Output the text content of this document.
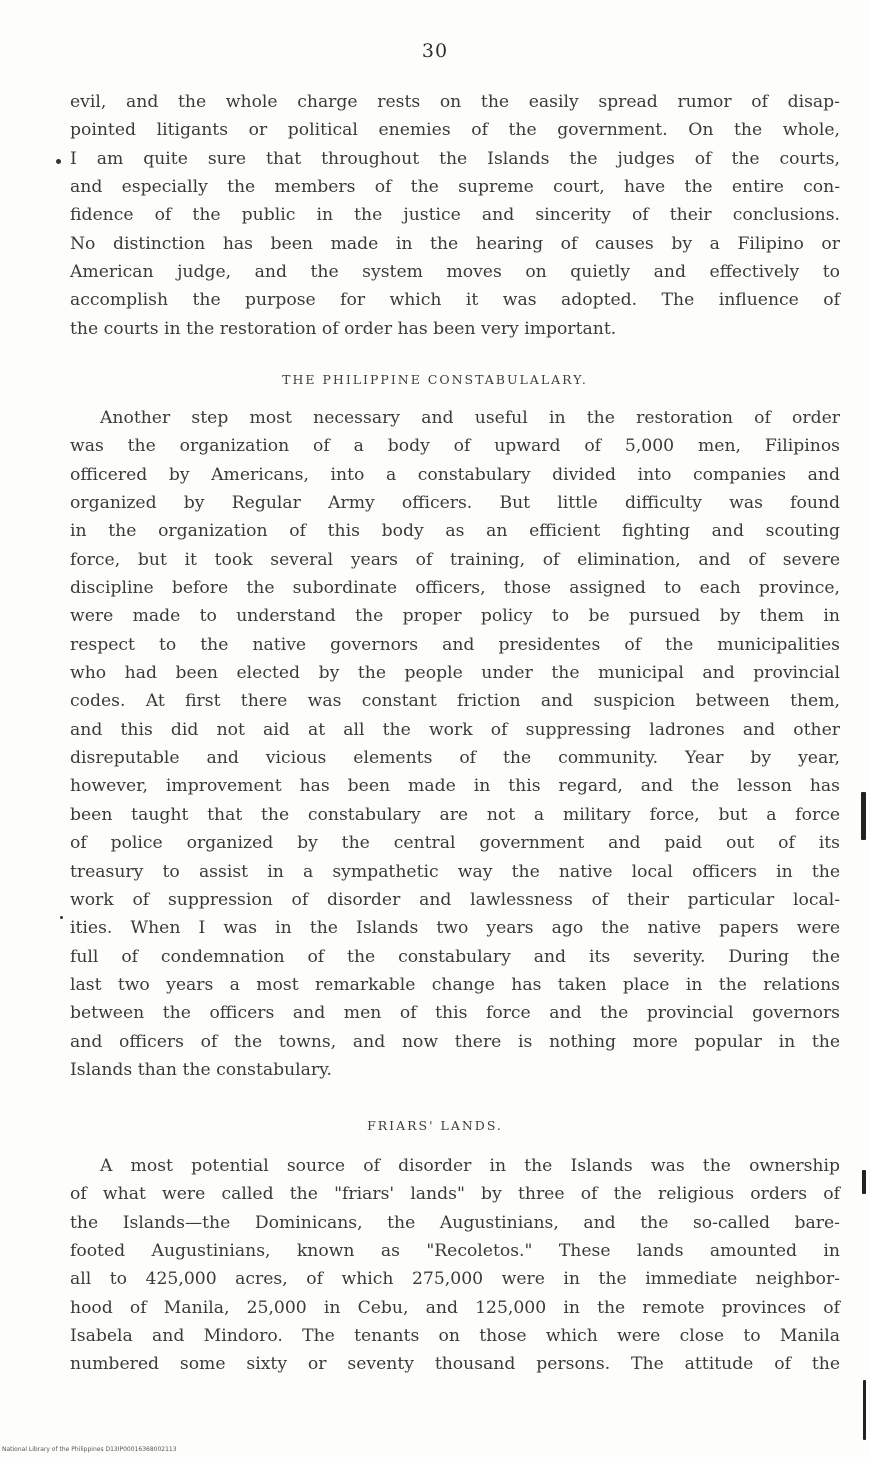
30
evil, and the whole charge rests on the easily spread rumor of disap-
pointed litigants or political enemies of the government. On the whole,
I am quite sure that throughout the Islands the judges of the courts,
and especially the members of the supreme court, have the entire con-
fidence of the public in the justice and sincerity of their conclusions.
No distinction has been made in the hearing of causes by a Filipino or
American judge, and the system moves on quietly and effectively to
accomplish the purpose for which it was adopted. The influence of
the courts in the restoration of order has been very important.
THE PHILIPPINE CONSTABULALARY.
Another step most necessary and useful in the restoration of order
was the organization of a body of upward of 5,000 men, Filipinos
officered by Americans, into a constabulary divided into companies and
organized by Regular Army officers. But little difficulty was found
in the organization of this body as an efficient fighting and scouting
force, but it took several years of training, of elimination, and of severe
discipline before the subordinate officers, those assigned to each province,
were made to understand the proper policy to be pursued by them in
respect to the native governors and presidentes of the municipalities
who had been elected by the people under the municipal and provincial
codes. At first there was constant friction and suspicion between them,
and this did not aid at all the work of suppressing ladrones and other
disreputable and vicious elements of the community. Year by year,
however, improvement has been made in this regard, and the lesson has
been taught that the constabulary are not a military force, but a force
of police organized by the central government and paid out of its
treasury to assist in a sympathetic way the native local officers in the
work of suppression of disorder and lawlessness of their particular local-
ities. When I was in the Islands two years ago the native papers were
full of condemnation of the constabulary and its severity. During the
last two years a most remarkable change has taken place in the relations
between the officers and men of this force and the provincial governors
and officers of the towns, and now there is nothing more popular in the
Islands than the constabulary.
FRIARS' LANDS.
A most potential source of disorder in the Islands was the ownership
of what were called the "friars' lands" by three of the religious orders of
the Islands—the Dominicans, the Augustinians, and the so-called bare-
footed Augustinians, known as "Recoletos." These lands amounted in
all to 425,000 acres, of which 275,000 were in the immediate neighbor-
hood of Manila, 25,000 in Cebu, and 125,000 in the remote provinces of
Isabela and Mindoro. The tenants on those which were close to Manila
numbered some sixty or seventy thousand persons. The attitude of the
National Library of the Philippines D13IP00016368002113
